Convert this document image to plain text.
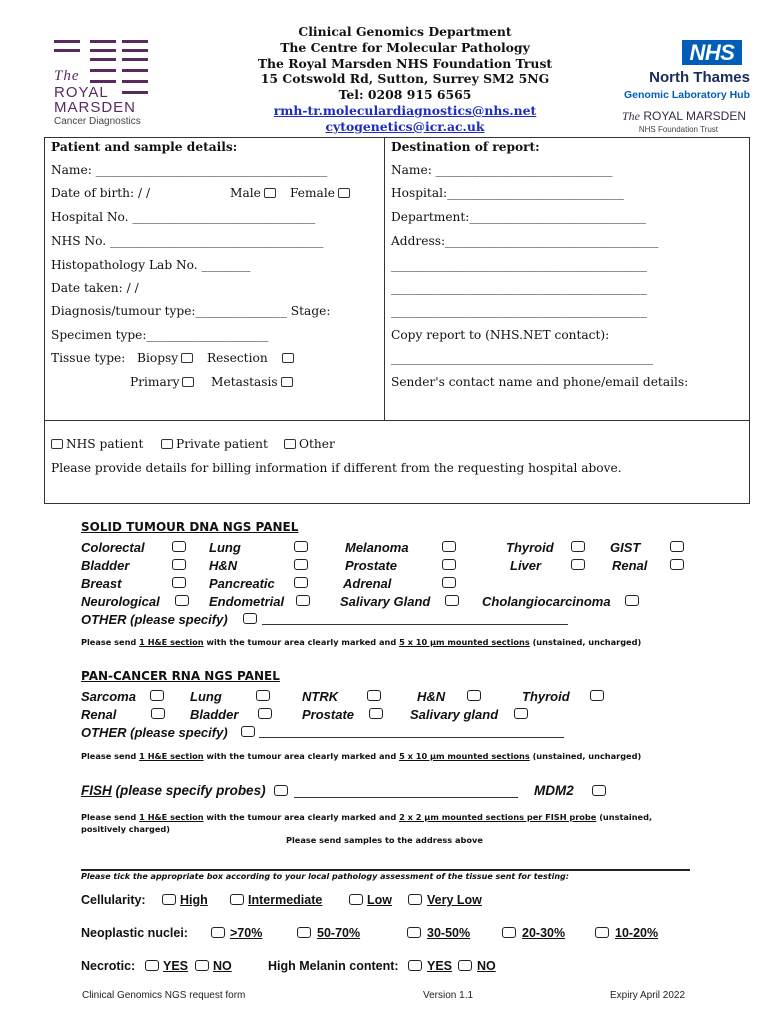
The
ROYAL
MARSDEN
Cancer Diagnostics
Clinical Genomics Department
The Centre for Molecular Pathology
The Royal Marsden NHS Foundation Trust
15 Cotswold Rd, Sutton, Surrey SM2 5NG
Tel: 0208 915 6565
rmh-tr.moleculardiagnostics@nhs.net
cytogenetics@icr.ac.uk
NHS
North Thames
Genomic Laboratory Hub
The ROYAL MARSDEN
NHS Foundation Trust
Patient and sample details:
Name: ______________________________________
Date of birth: / /	Male	Female
Hospital No. ______________________________
NHS No. ___________________________________
Histopathology Lab No. ________
Date taken: / /
Diagnosis/tumour type:_______________ Stage:
Specimen type:____________________
Tissue type: Biopsy	Resection
Primary	Metastasis
Destination of report:
Name: _____________________________
Hospital:_____________________________
Department:_____________________________
Address:___________________________________
__________________________________________
__________________________________________
__________________________________________
Copy report to (NHS.NET contact):
___________________________________________
Sender's contact name and phone/email details:
NHS patient	Private patient	Other
Please provide details for billing information if different from the requesting hospital above.
SOLID TUMOUR DNA NGS PANEL
Colorectal	Lung	Melanoma	Thyroid	GIST
Bladder	H&N	Prostate	Liver	Renal
Breast	Pancreatic	Adrenal
Neurological	Endometrial	Salivary Gland	Cholangiocarcinoma
OTHER (please specify)
Please send 1 H&E section with the tumour area clearly marked and 5 x 10 µm mounted sections (unstained, uncharged)
PAN-CANCER RNA NGS PANEL
Sarcoma	Lung	NTRK	H&N	Thyroid
Renal	Bladder	Prostate	Salivary gland
OTHER (please specify)
Please send 1 H&E section with the tumour area clearly marked and 5 x 10 µm mounted sections (unstained, uncharged)
FISH (please specify probes)	MDM2
Please send 1 H&E section with the tumour area clearly marked and 2 x 2 µm mounted sections per FISH probe (unstained,
positively charged)
Please send samples to the address above
Please tick the appropriate box according to your local pathology assessment of the tissue sent for testing:
Cellularity:	High	Intermediate	Low	Very Low
Neoplastic nuclei:	>70%	50-70%	30-50%	20-30%	10-20%
Necrotic: YES NO	High Melanin content: YES NO
Clinical Genomics NGS request form	Version 1.1	Expiry April 2022
